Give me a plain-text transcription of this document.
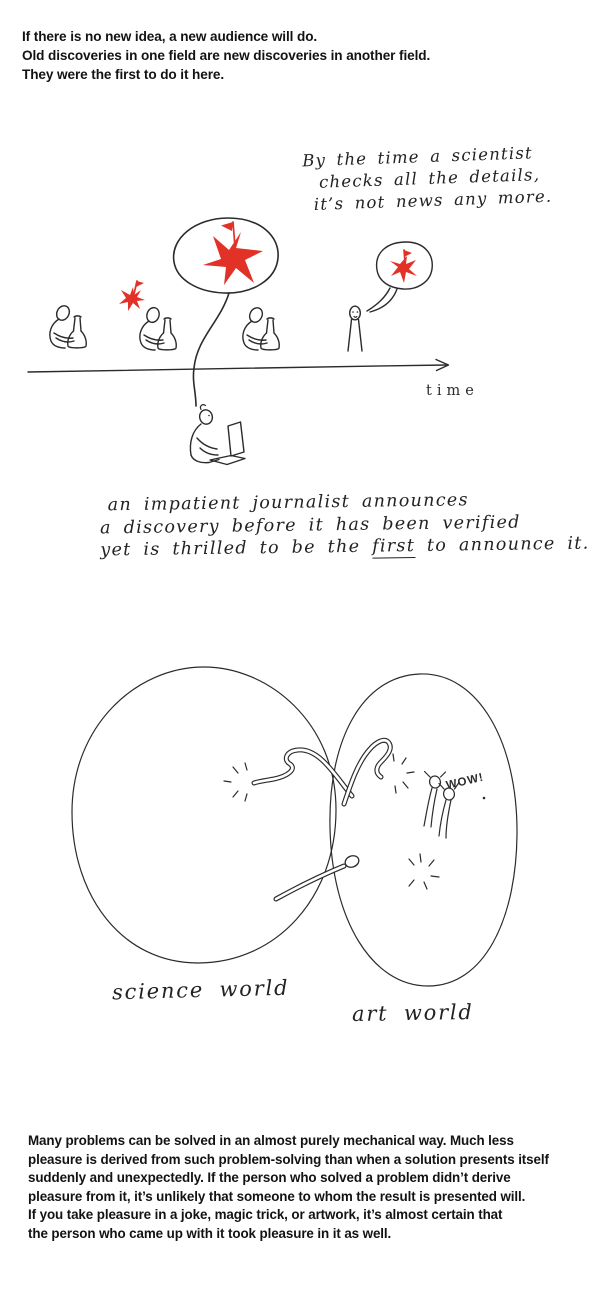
If there is no new idea, a new audience will do.
Old discoveries in one field are new discoveries in another field.
They were the first to do it here.
By the time a scientist
checks all the details,
it’s not news any more.
time
an impatient journalist announces
a discovery before it has been verified
yet is thrilled to be the first to announce it.
WOW!
science world
art world
Many problems can be solved in an almost purely mechanical way. Much less
pleasure is derived from such problem-solving than when a solution presents itself
suddenly and unexpectedly. If the person who solved a problem didn’t derive
pleasure from it, it’s unlikely that someone to whom the result is presented will.
If you take pleasure in a joke, magic trick, or artwork, it’s almost certain that
the person who came up with it took pleasure in it as well.
